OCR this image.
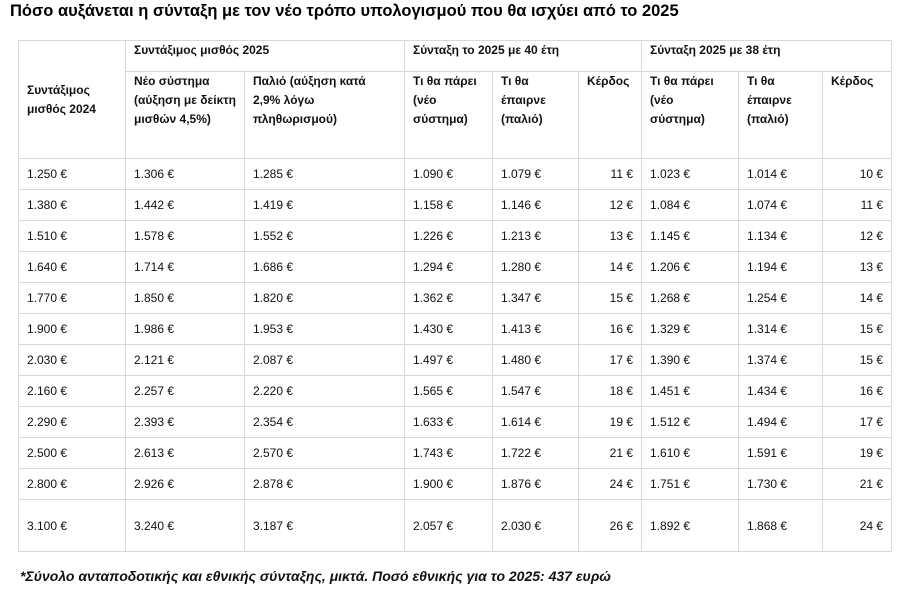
Πόσο αυξάνεται η σύνταξη με τον νέο τρόπο υπολογισμού που θα ισχύει από το 2025
Συντάξιμος μισθός 2024	Συντάξιμος μισθός 2025		Σύνταξη το 2025 με 40 έτη			Σύνταξη 2025 με 38 έτη		
	Νέο σύστημα (αύξηση με δείκτη μισθών 4,5%)	Παλιό (αύξηση κατά 2,9% λόγω πληθωρισμού)	Τι θα πάρει (νέο σύστημα)	Τι θα έπαιρνε (παλιό)	Κέρδος	Τι θα πάρει (νέο σύστημα)	Τι θα έπαιρνε (παλιό)	Κέρδος
1.250 €	1.306 €	1.285 €	1.090 €	1.079 €	11 €	1.023 €	1.014 €	10 €
1.380 €	1.442 €	1.419 €	1.158 €	1.146 €	12 €	1.084 €	1.074 €	11 €
1.510 €	1.578 €	1.552 €	1.226 €	1.213 €	13 €	1.145 €	1.134 €	12 €
1.640 €	1.714 €	1.686 €	1.294 €	1.280 €	14 €	1.206 €	1.194 €	13 €
1.770 €	1.850 €	1.820 €	1.362 €	1.347 €	15 €	1.268 €	1.254 €	14 €
1.900 €	1.986 €	1.953 €	1.430 €	1.413 €	16 €	1.329 €	1.314 €	15 €
2.030 €	2.121 €	2.087 €	1.497 €	1.480 €	17 €	1.390 €	1.374 €	15 €
2.160 €	2.257 €	2.220 €	1.565 €	1.547 €	18 €	1.451 €	1.434 €	16 €
2.290 €	2.393 €	2.354 €	1.633 €	1.614 €	19 €	1.512 €	1.494 €	17 €
2.500 €	2.613 €	2.570 €	1.743 €	1.722 €	21 €	1.610 €	1.591 €	19 €
2.800 €	2.926 €	2.878 €	1.900 €	1.876 €	24 €	1.751 €	1.730 €	21 €
3.100 €	3.240 €	3.187 €	2.057 €	2.030 €	26 €	1.892 €	1.868 €	24 €
*Σύνολο ανταποδοτικής και εθνικής σύνταξης, μικτά. Ποσό εθνικής για το 2025: 437 ευρώ
